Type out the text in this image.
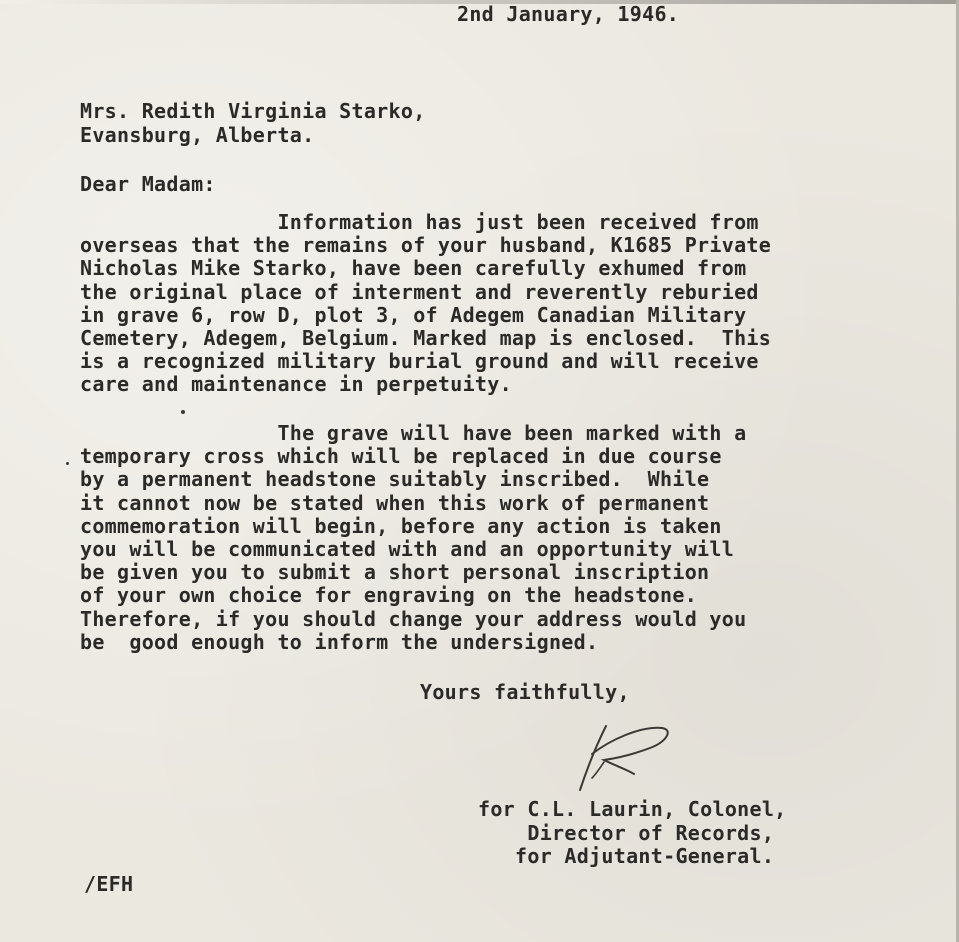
2nd January, 1946.

Mrs. Redith Virginia Starko,

Evansburg, Alberta.

Dear Madam:

Information has just been received from
overseas that the remains of your husband, K1685 Private
Nicholas Mike Starko, have been carefully exhumed from
the original place of interment and reverently reburied
in grave 6, row D, plot 3, of Adegem Canadian Military
Cemetery, Adegem, Belgium. Marked map is enclosed.  This
is a recognized military burial ground and will receive
care and maintenance in perpetuity.
The grave will have been marked with a
temporary cross which will be replaced in due course
by a permanent headstone suitably inscribed.  While
it cannot now be stated when this work of permanent
commemoration will begin, before any action is taken
you will be communicated with and an opportunity will
be given you to submit a short personal inscription
of your own choice for engraving on the headstone.
Therefore, if you should change your address would you
be  good enough to inform the undersigned.

Yours faithfully,

for C.L. Laurin, Colonel,
Director of Records,
for Adjutant-General.

/EFH
